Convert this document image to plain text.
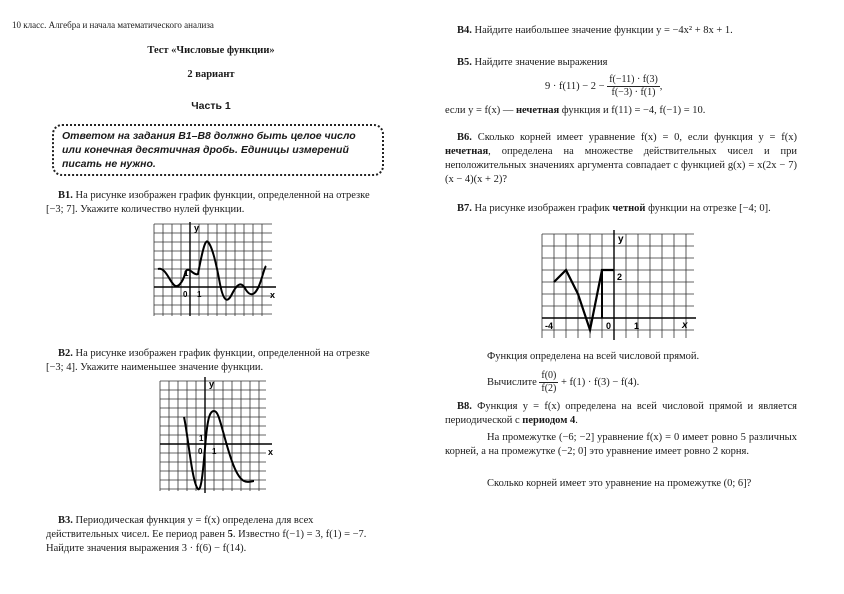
10 класс. Алгебра и начала математического анализа
Тест «Числовые функции»
2 вариант
Часть 1
Ответом на задания B1–B8 должно быть целое число или конечная десятичная дробь. Единицы измерений писать не нужно.
B1. На рисунке изображен график функции, определенной на отрезке [−3; 7]. Укажите количество нулей функции.
y
x
0 1
1
B2. На рисунке изображен график функции, определенной на отрезке [−3; 4]. Укажите наименьшее значение функции.
y
x
0 1
1
B3. Периодическая функция y = f(x) определена для всех действительных чисел. Ее период равен 5. Известно f(−1) = 3, f(1) = −7. Найдите значения выражения 3 · f(6) − f(14).
B4. Найдите наибольшее значение функции y = −4x² + 8x + 1.
B5. Найдите значение выражения
$9 \cdot f(11) - 2 - \frac{f(-11) \cdot f(3)}{f(-3) \cdot f(1)}$ ,
если y = f(x) — нечетная функция и f(11) = −4, f(−1) = 10.
B6. Сколько корней имеет уравнение f(x) = 0, если функция y = f(x) нечетная, определена на множестве действительных чисел и при неположительных значениях аргумента совпадает с функцией g(x) = x(2x − 7)(x − 4)(x + 2)?
B7. На рисунке изображен график четной функции на отрезке [−4; 0].
y
x
-4	0	1
2
Функция определена на всей числовой прямой.
Вычислите $\frac{f(0)}{f(2)} + f(1) \cdot f(3) - f(4)$.
B8. Функция y = f(x) определена на всей числовой прямой и является периодической с периодом 4.
На промежутке (−6; −2] уравнение f(x) = 0 имеет ровно 5 различных корней, а на промежутке (−2; 0] это уравнение имеет ровно 2 корня.
Сколько корней имеет это уравнение на промежутке (0; 6]?
